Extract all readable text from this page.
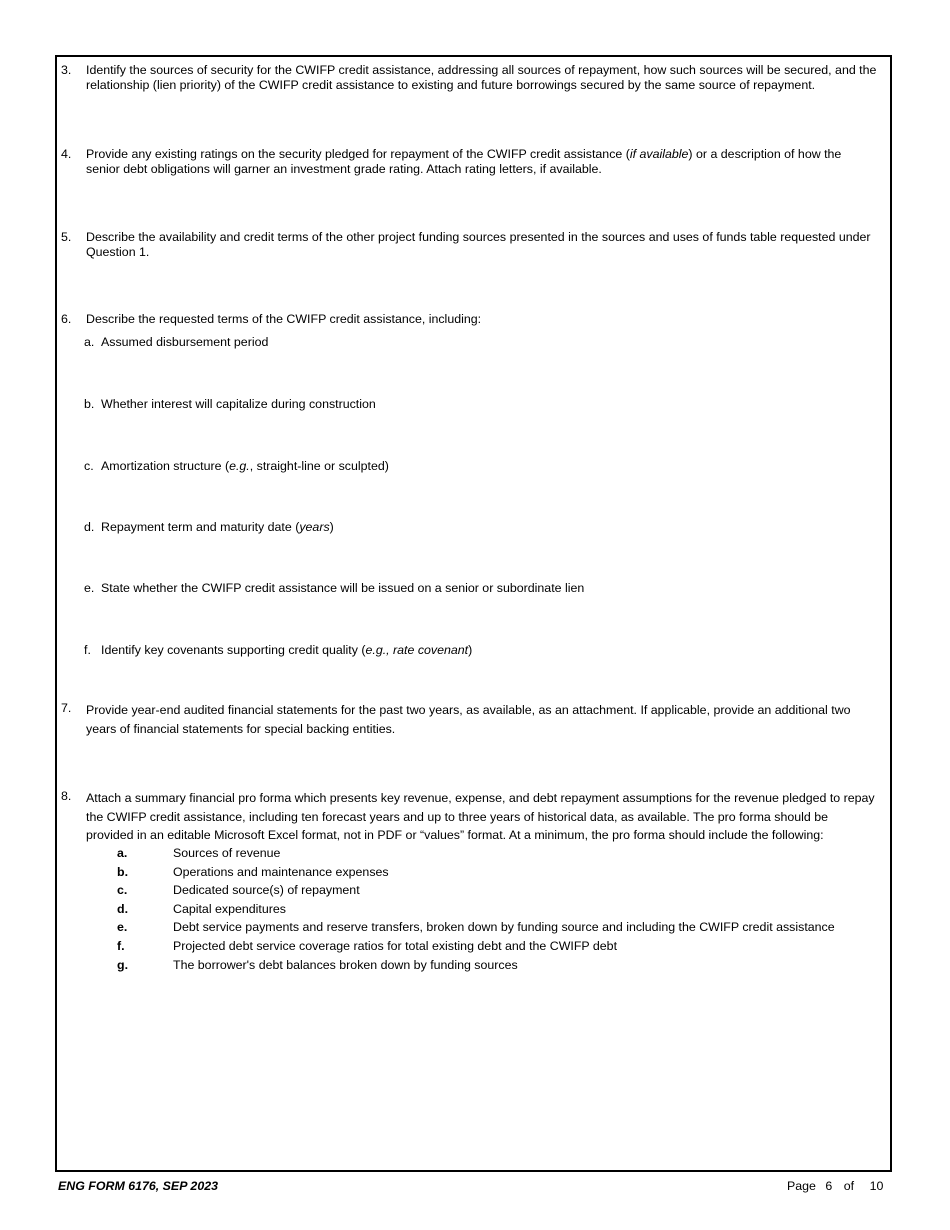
3. Identify the sources of security for the CWIFP credit assistance, addressing all sources of repayment, how such sources will be secured, and the relationship (lien priority) of the CWIFP credit assistance to existing and future borrowings secured by the same source of repayment.
4. Provide any existing ratings on the security pledged for repayment of the CWIFP credit assistance (if available) or a description of how the senior debt obligations will garner an investment grade rating. Attach rating letters, if available.
5. Describe the availability and credit terms of the other project funding sources presented in the sources and uses of funds table requested under Question 1.
6. Describe the requested terms of the CWIFP credit assistance, including:
a. Assumed disbursement period
b. Whether interest will capitalize during construction
c. Amortization structure (e.g., straight-line or sculpted)
d. Repayment term and maturity date (years)
e. State whether the CWIFP credit assistance will be issued on a senior or subordinate lien
f. Identify key covenants supporting credit quality (e.g., rate covenant)
7. Provide year-end audited financial statements for the past two years, as available, as an attachment. If applicable, provide an additional two years of financial statements for special backing entities.
8. Attach a summary financial pro forma which presents key revenue, expense, and debt repayment assumptions for the revenue pledged to repay the CWIFP credit assistance, including ten forecast years and up to three years of historical data, as available. The pro forma should be provided in an editable Microsoft Excel format, not in PDF or “values” format. At a minimum, the pro forma should include the following:
a.	Sources of revenue
b.	Operations and maintenance expenses
c.	Dedicated source(s) of repayment
d.	Capital expenditures
e.	Debt service payments and reserve transfers, broken down by funding source and including the CWIFP credit assistance
f.	Projected debt service coverage ratios for total existing debt and the CWIFP debt
g.	The borrower's debt balances broken down by funding sources
ENG FORM 6176, SEP 2023	Page 6 of 10
